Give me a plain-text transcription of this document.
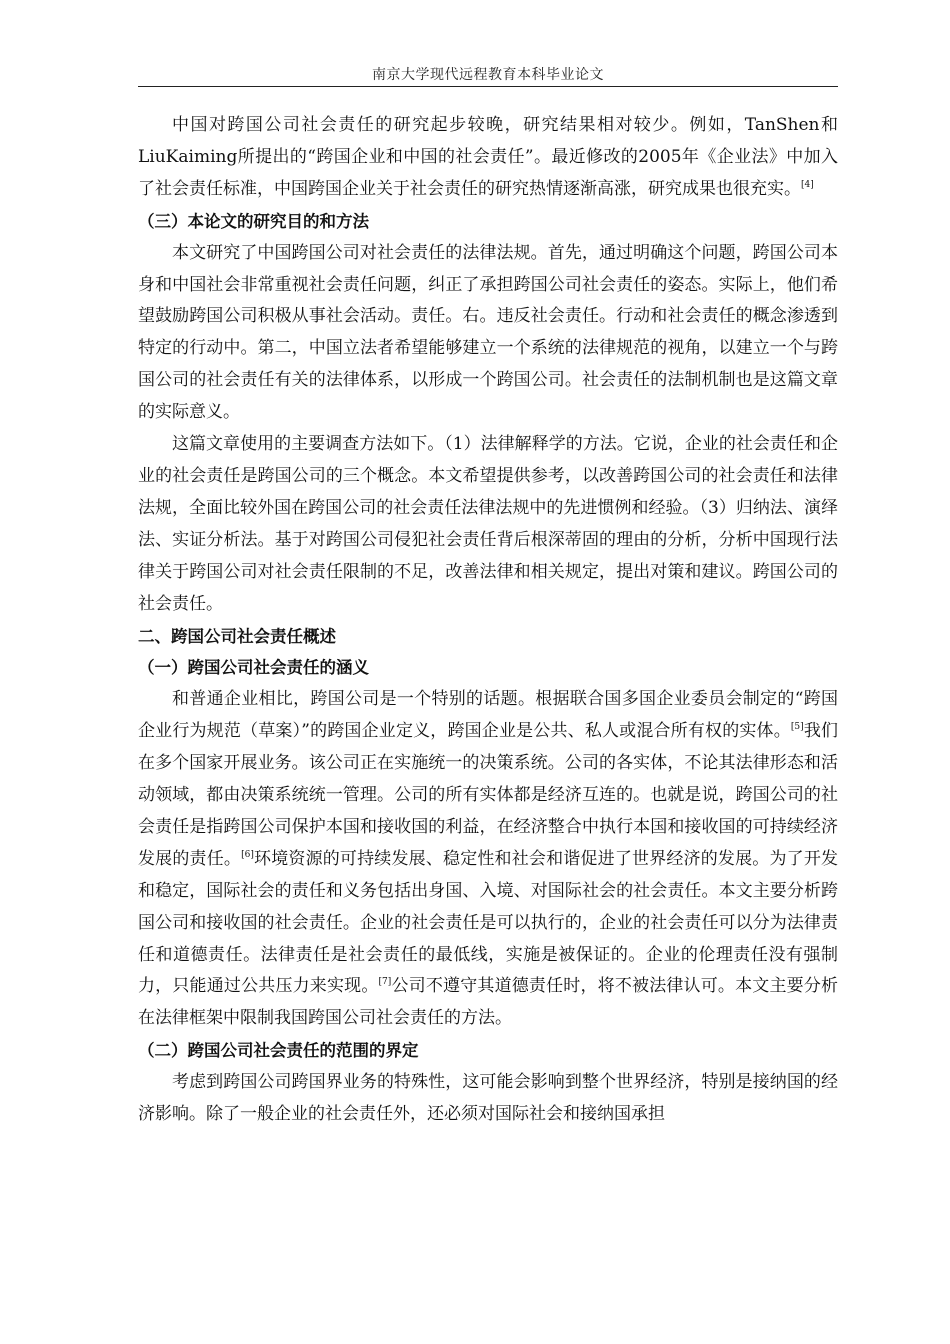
南京大学现代远程教育本科毕业论文

中国对跨国公司社会责任的研究起步较晚，研究结果相对较少。例如，TanShen和LiuKaiming所提出的“跨国企业和中国的社会责任”。最近修改的2005年《企业法》中加入了社会责任标准，中国跨国企业关于社会责任的研究热情逐渐高涨，研究成果也很充实。[4]

（三）本论文的研究目的和方法

本文研究了中国跨国公司对社会责任的法律法规。首先，通过明确这个问题，跨国公司本身和中国社会非常重视社会责任问题，纠正了承担跨国公司社会责任的姿态。实际上，他们希望鼓励跨国公司积极从事社会活动。责任。右。违反社会责任。行动和社会责任的概念渗透到特定的行动中。第二，中国立法者希望能够建立一个系统的法律规范的视角，以建立一个与跨国公司的社会责任有关的法律体系，以形成一个跨国公司。社会责任的法制机制也是这篇文章的实际意义。

这篇文章使用的主要调查方法如下。（1）法律解释学的方法。它说，企业的社会责任和企业的社会责任是跨国公司的三个概念。本文希望提供参考，以改善跨国公司的社会责任和法律法规，全面比较外国在跨国公司的社会责任法律法规中的先进惯例和经验。（3）归纳法、演绎法、实证分析法。基于对跨国公司侵犯社会责任背后根深蒂固的理由的分析，分析中国现行法律关于跨国公司对社会责任限制的不足，改善法律和相关规定，提出对策和建议。跨国公司的社会责任。

二、跨国公司社会责任概述

（一）跨国公司社会责任的涵义

和普通企业相比，跨国公司是一个特别的话题。根据联合国多国企业委员会制定的“跨国企业行为规范（草案）”的跨国企业定义，跨国企业是公共、私人或混合所有权的实体。[5]我们在多个国家开展业务。该公司正在实施统一的决策系统。公司的各实体，不论其法律形态和活动领域，都由决策系统统一管理。公司的所有实体都是经济互连的。也就是说，跨国公司的社会责任是指跨国公司保护本国和接收国的利益，在经济整合中执行本国和接收国的可持续经济发展的责任。[6]环境资源的可持续发展、稳定性和社会和谐促进了世界经济的发展。为了开发和稳定，国际社会的责任和义务包括出身国、入境、对国际社会的社会责任。本文主要分析跨国公司和接收国的社会责任。企业的社会责任是可以执行的，企业的社会责任可以分为法律责任和道德责任。法律责任是社会责任的最低线，实施是被保证的。企业的伦理责任没有强制力，只能通过公共压力来实现。[7]公司不遵守其道德责任时，将不被法律认可。本文主要分析在法律框架中限制我国跨国公司社会责任的方法。

（二）跨国公司社会责任的范围的界定

考虑到跨国公司跨国界业务的特殊性，这可能会影响到整个世界经济，特别是接纳国的经济影响。除了一般企业的社会责任外，还必须对国际社会和接纳国承担
